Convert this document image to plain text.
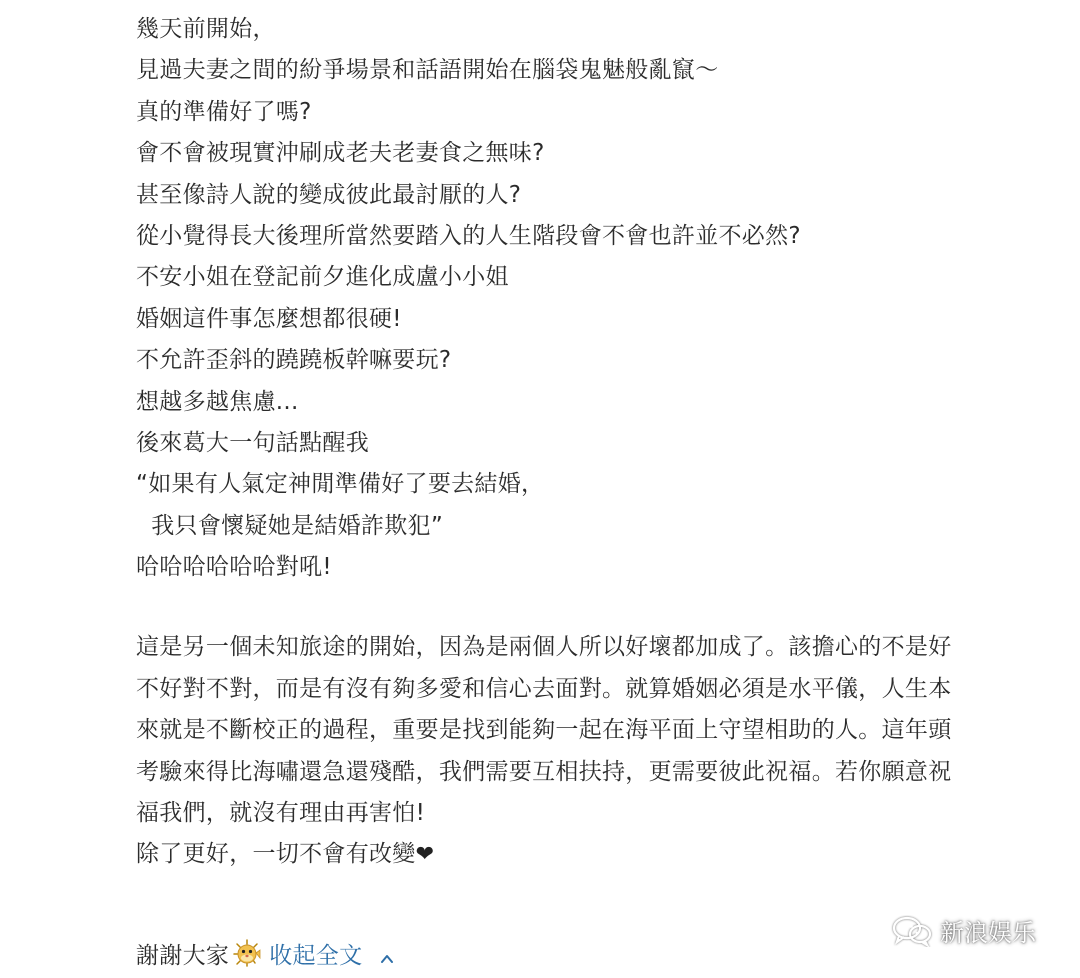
幾天前開始，
見過夫妻之間的紛爭場景和話語開始在腦袋鬼魅般亂竄～
真的準備好了嗎?
會不會被現實沖刷成老夫老妻食之無味?
甚至像詩人說的變成彼此最討厭的人?
從小覺得長大後理所當然要踏入的人生階段會不會也許並不必然?
不安小姐在登記前夕進化成盧小小姐
婚姻這件事怎麼想都很硬!
不允許歪斜的蹺蹺板幹嘛要玩?
想越多越焦慮...
後來葛大一句話點醒我
“如果有人氣定神閒準備好了要去結婚，
我只會懷疑她是結婚詐欺犯”
哈哈哈哈哈哈對吼!
這是另一個未知旅途的開始，因為是兩個人所以好壞都加成了。該擔心的不是好
不好對不對，而是有沒有夠多愛和信心去面對。就算婚姻必須是水平儀，人生本
來就是不斷校正的過程，重要是找到能夠一起在海平面上守望相助的人。這年頭
考驗來得比海嘯還急還殘酷，我們需要互相扶持，更需要彼此祝福。若你願意祝
福我們，就沒有理由再害怕!
除了更好，一切不會有改變❤
謝謝大家 收起全文
新浪娱乐
